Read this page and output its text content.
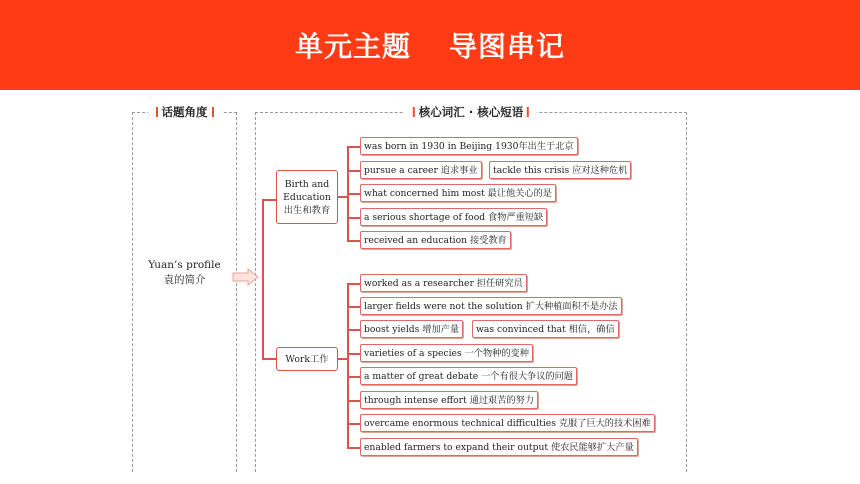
单元主题 导图串记
话题角度	核心词汇 · 核心短语
Yuan’s profile
袁的简介
Birth and
Education
出生和教育
Work工作
was born in 1930 in Beijing 1930年出生于北京
pursue a career 追求事业	tackle this crisis 应对这种危机
what concerned him most 最让他关心的是
a serious shortage of food 食物严重短缺
received an education 接受教育
worked as a researcher 担任研究员
larger fields were not the solution 扩大种植面积不是办法
boost yields 增加产量	was convinced that 相信，确信
varieties of a species 一个物种的变种
a matter of great debate 一个有很大争议的问题
through intense effort 通过艰苦的努力
overcame enormous technical difficulties 克服了巨大的技术困难
enabled farmers to expand their output 使农民能够扩大产量
